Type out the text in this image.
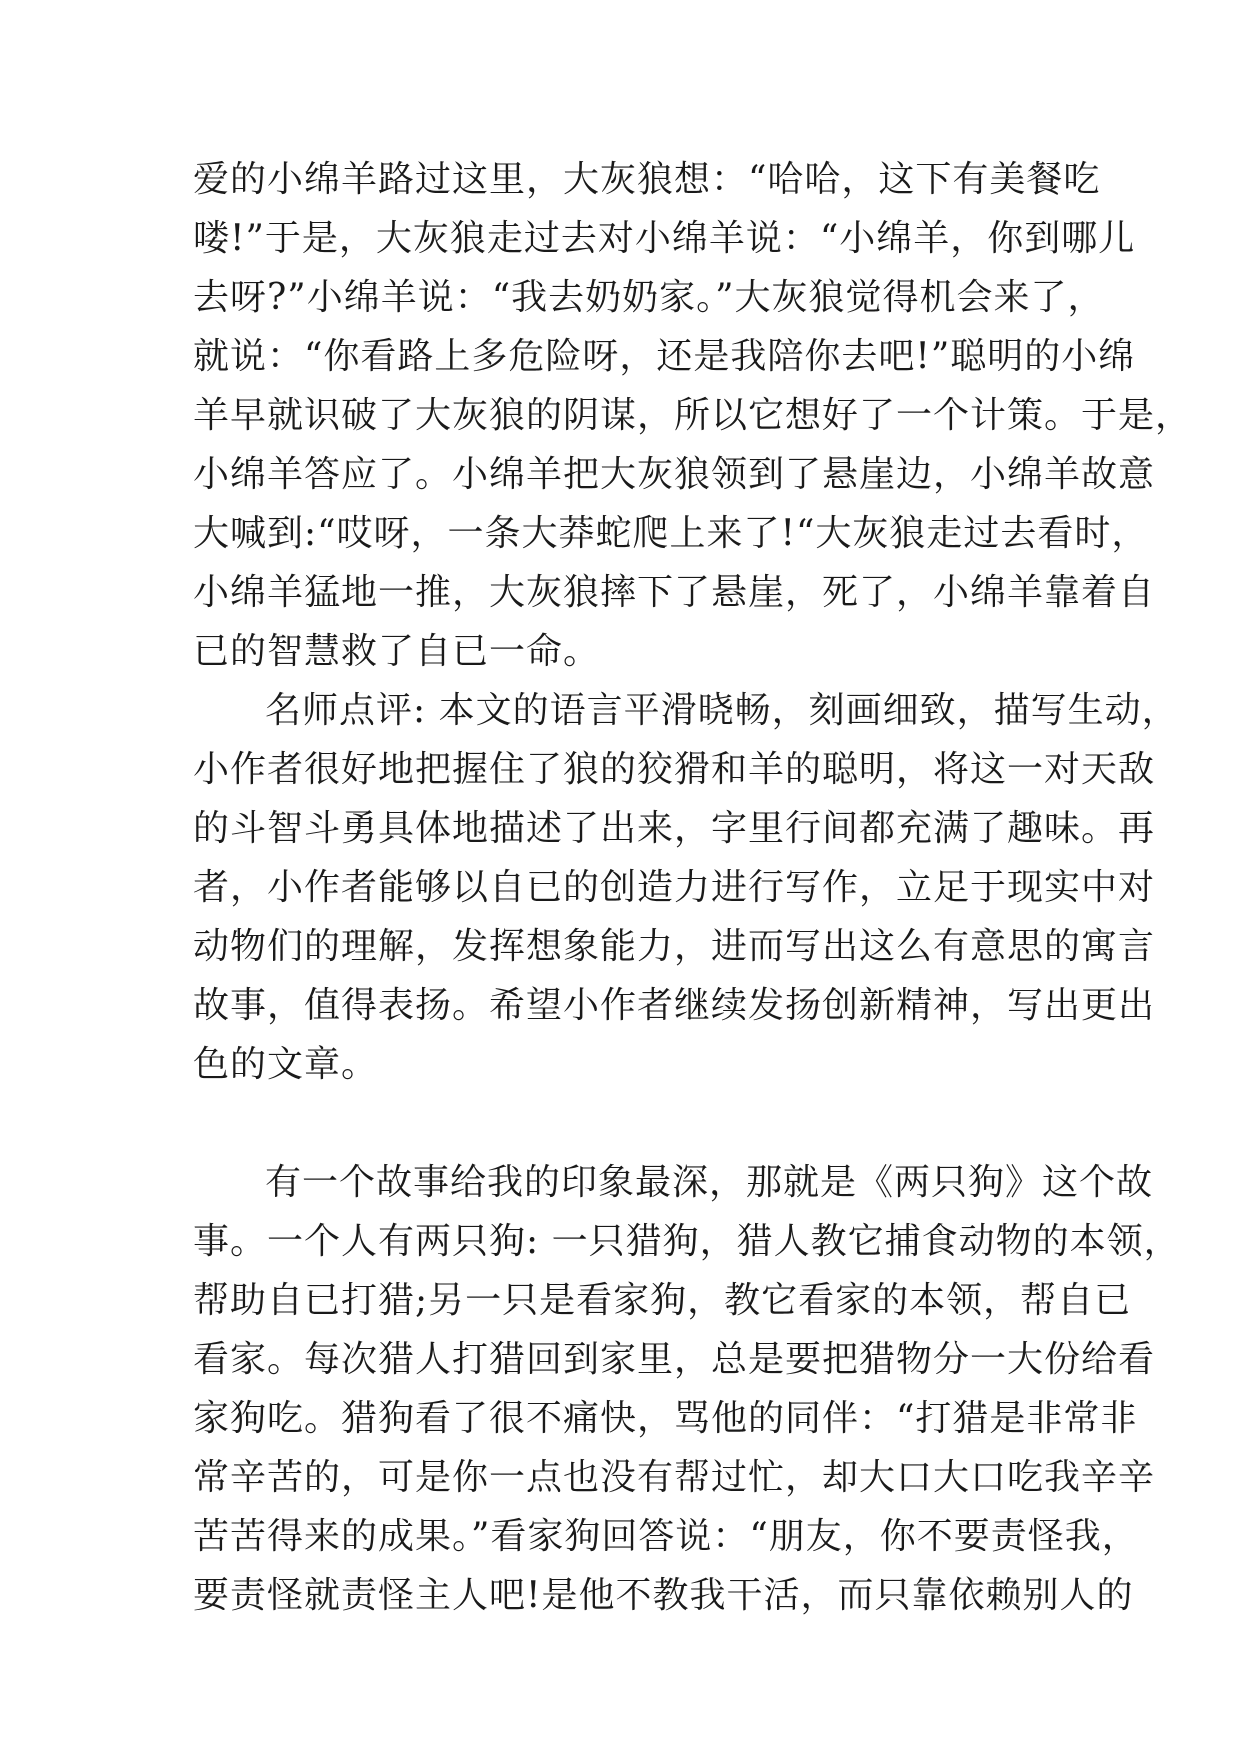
爱的小绵羊路过这里，大灰狼想：“哈哈，这下有美餐吃
喽!”于是，大灰狼走过去对小绵羊说：“小绵羊，你到哪儿
去呀?”小绵羊说：“我去奶奶家。”大灰狼觉得机会来了，
就说：“你看路上多危险呀，还是我陪你去吧!”聪明的小绵
羊早就识破了大灰狼的阴谋，所以它想好了一个计策。于是，
小绵羊答应了。小绵羊把大灰狼领到了悬崖边，小绵羊故意
大喊到:“哎呀，一条大莽蛇爬上来了!“大灰狼走过去看时，
小绵羊猛地一推，大灰狼摔下了悬崖，死了，小绵羊靠着自
已的智慧救了自已一命。
名师点评: 本文的语言平滑晓畅，刻画细致，描写生动，
小作者很好地把握住了狼的狡猾和羊的聪明，将这一对天敌
的斗智斗勇具体地描述了出来，字里行间都充满了趣味。再
者，小作者能够以自已的创造力进行写作，立足于现实中对
动物们的理解，发挥想象能力，进而写出这么有意思的寓言
故事，值得表扬。希望小作者继续发扬创新精神，写出更出
色的文章。
有一个故事给我的印象最深，那就是《两只狗》这个故
事。一个人有两只狗: 一只猎狗，猎人教它捕食动物的本领，
帮助自已打猎;另一只是看家狗，教它看家的本领，帮自已
看家。每次猎人打猎回到家里，总是要把猎物分一大份给看
家狗吃。猎狗看了很不痛快，骂他的同伴：“打猎是非常非
常辛苦的，可是你一点也没有帮过忙，却大口大口吃我辛辛
苦苦得来的成果。”看家狗回答说：“朋友，你不要责怪我，
要责怪就责怪主人吧!是他不教我干活，而只靠依赖别人的
